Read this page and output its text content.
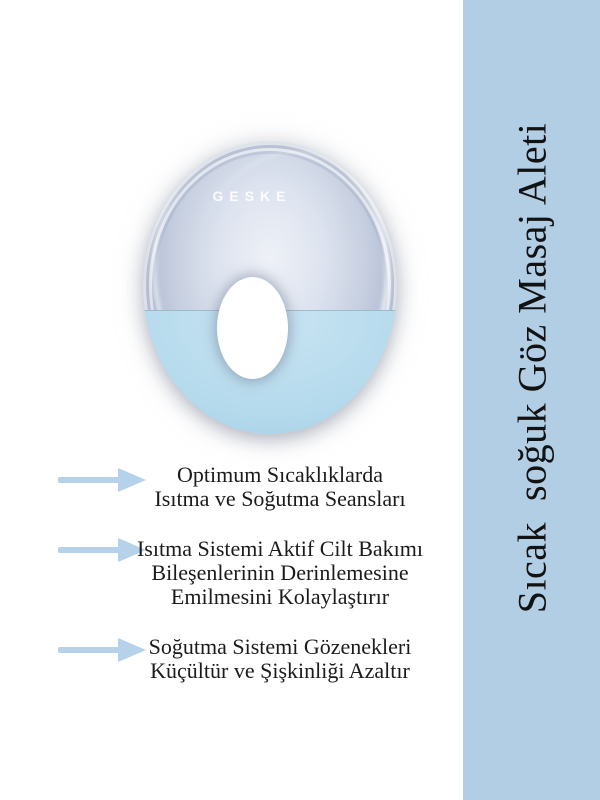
Sıcak  soğuk Göz Masaj Aleti
GESKE
Optimum Sıcaklıklarda
Isıtma ve Soğutma Seansları
Isıtma Sistemi Aktif Cilt Bakımı
Bileşenlerinin Derinlemesine
Emilmesini Kolaylaştırır
Soğutma Sistemi Gözenekleri
Küçültür ve Şişkinliği Azaltır
